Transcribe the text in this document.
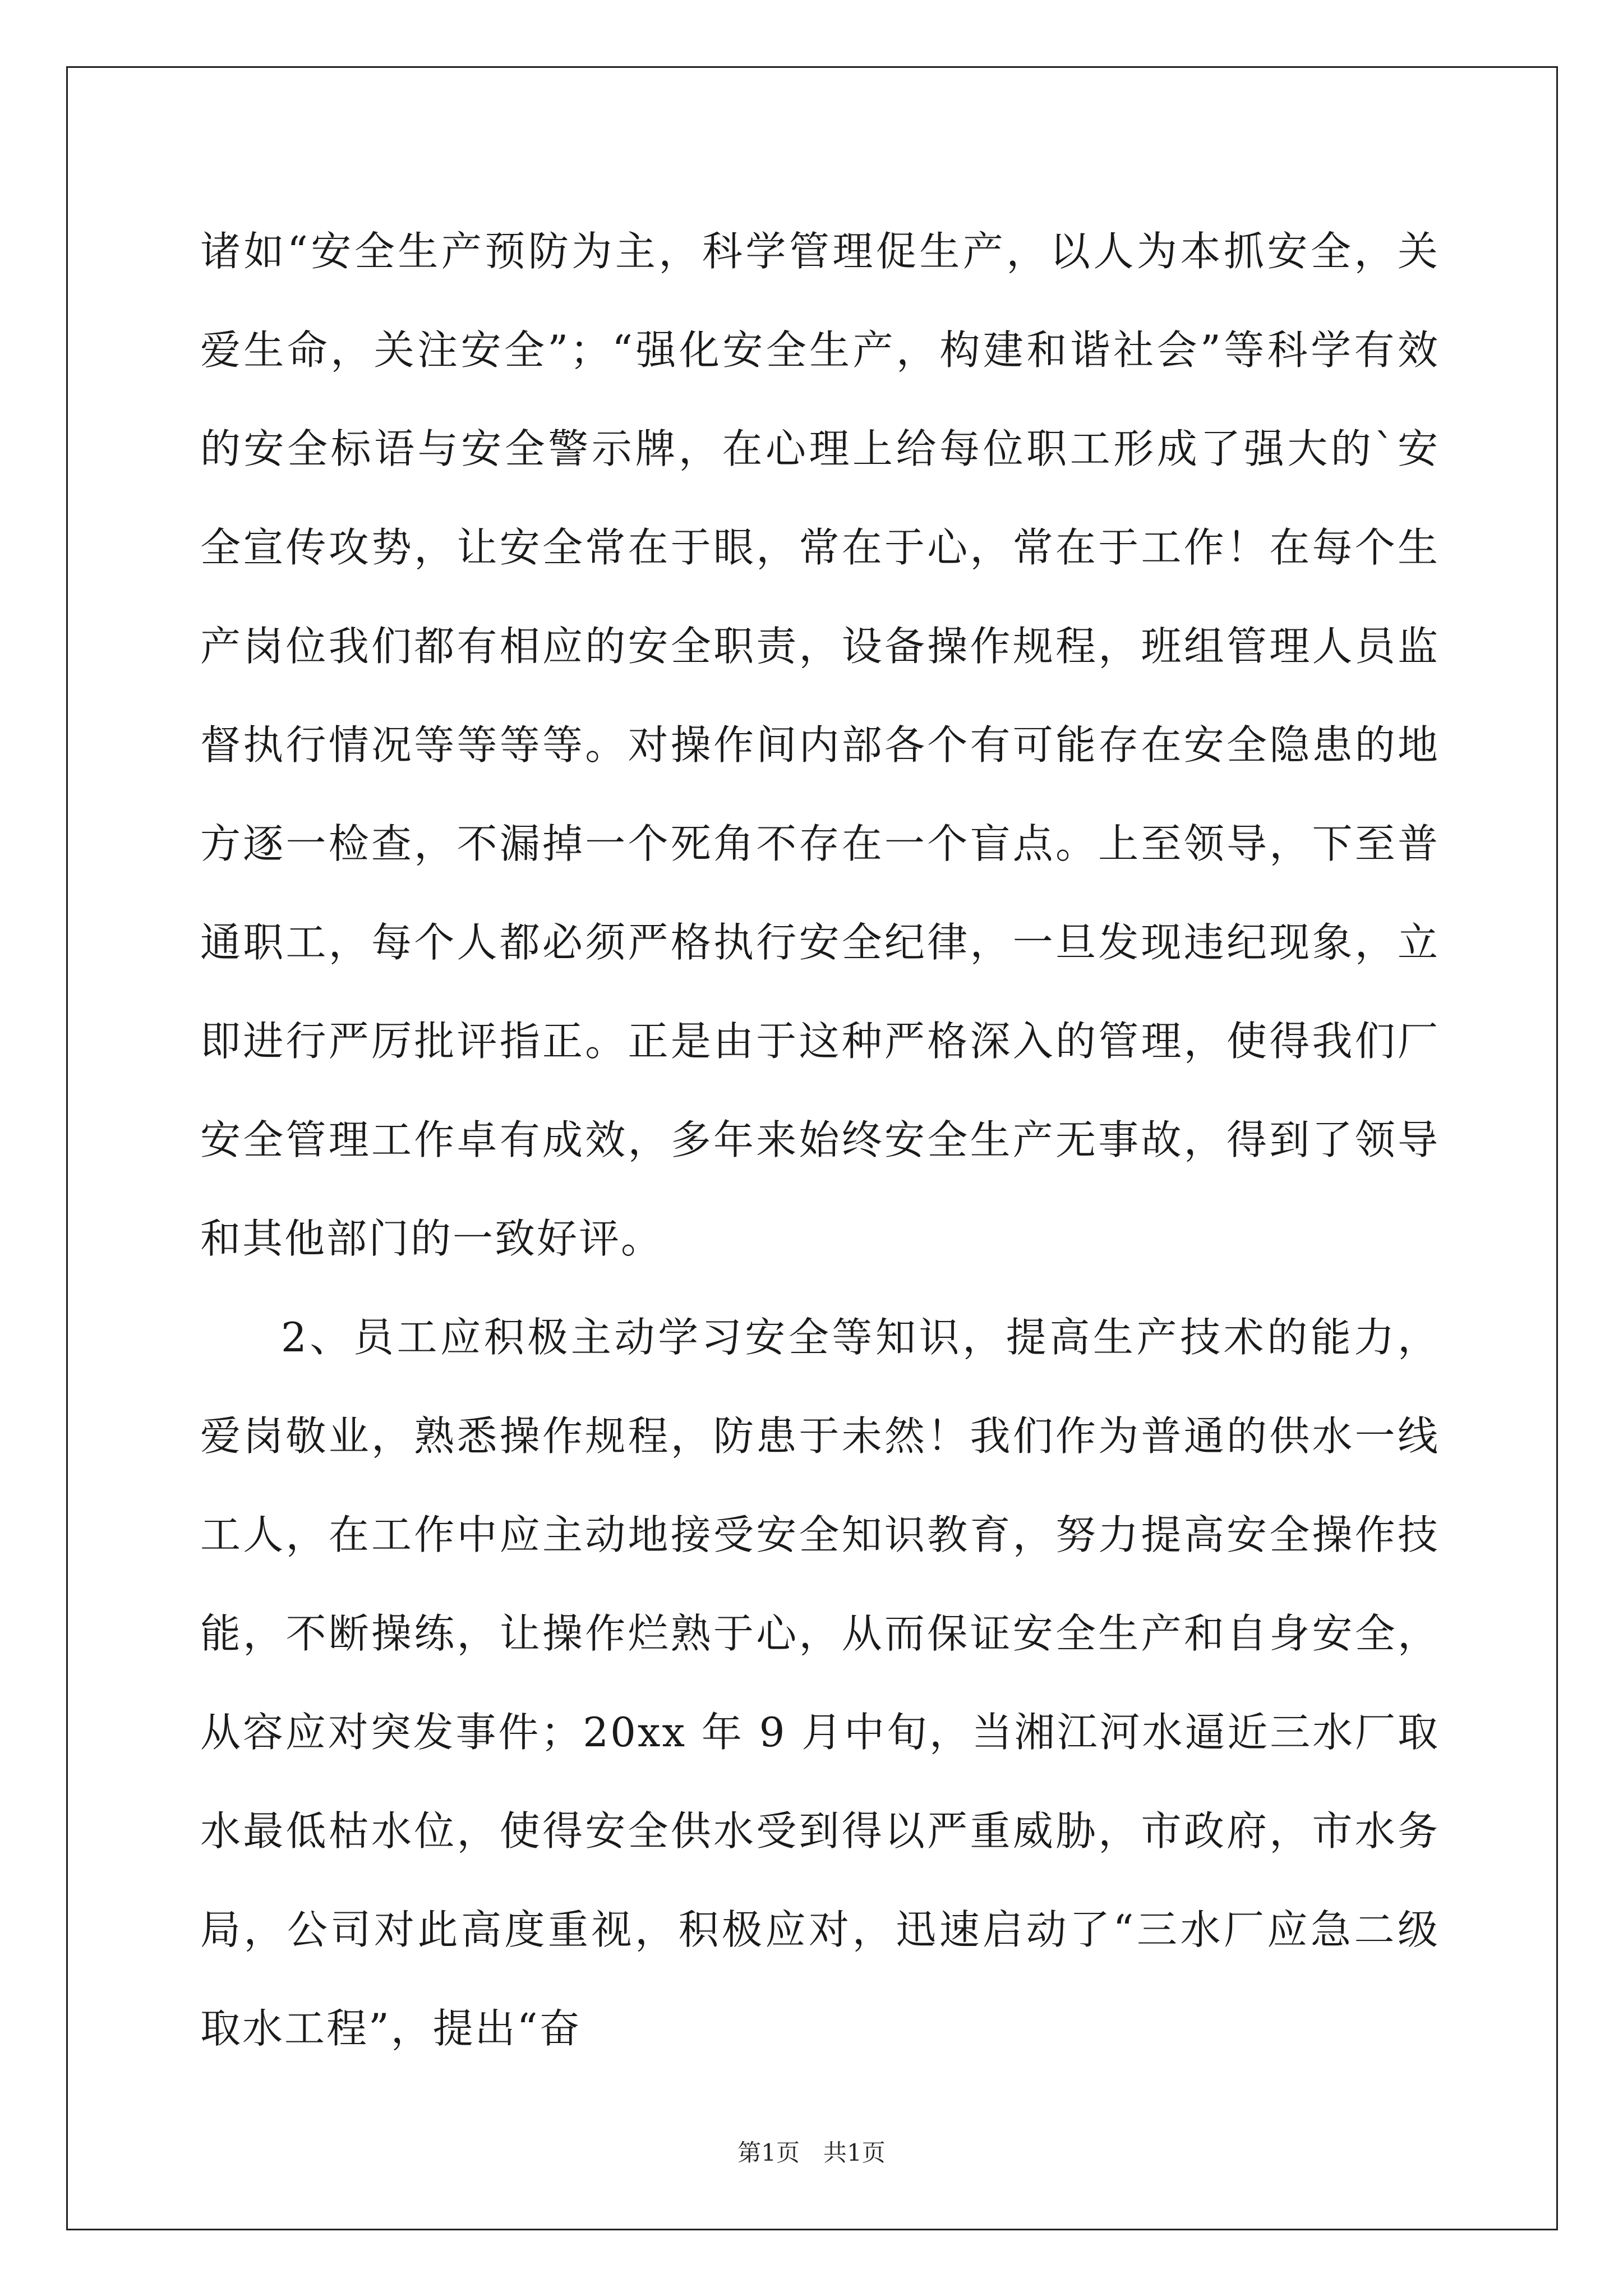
诸如“安全生产预防为主，科学管理促生产，以人为本抓安全，关爱生命，关注安全”；“强化安全生产，构建和谐社会”等科学有效的安全标语与安全警示牌，在心理上给每位职工形成了强大的`安全宣传攻势，让安全常在于眼，常在于心，常在于工作！在每个生产岗位我们都有相应的安全职责，设备操作规程，班组管理人员监督执行情况等等等等。对操作间内部各个有可能存在安全隐患的地方逐一检查，不漏掉一个死角不存在一个盲点。上至领导，下至普通职工，每个人都必须严格执行安全纪律，一旦发现违纪现象，立即进行严厉批评指正。正是由于这种严格深入的管理，使得我们厂安全管理工作卓有成效，多年来始终安全生产无事故，得到了领导和其他部门的一致好评。

2、员工应积极主动学习安全等知识，提高生产技术的能力，爱岗敬业，熟悉操作规程，防患于未然！我们作为普通的供水一线工人，在工作中应主动地接受安全知识教育，努力提高安全操作技能，不断操练，让操作烂熟于心，从而保证安全生产和自身安全，从容应对突发事件；20xx 年 9 月中旬，当湘江河水逼近三水厂取水最低枯水位，使得安全供水受到得以严重威胁，市政府，市水务局，公司对此高度重视，积极应对，迅速启动了“三水厂应急二级取水工程”，提出“奋

第1页　共1页
